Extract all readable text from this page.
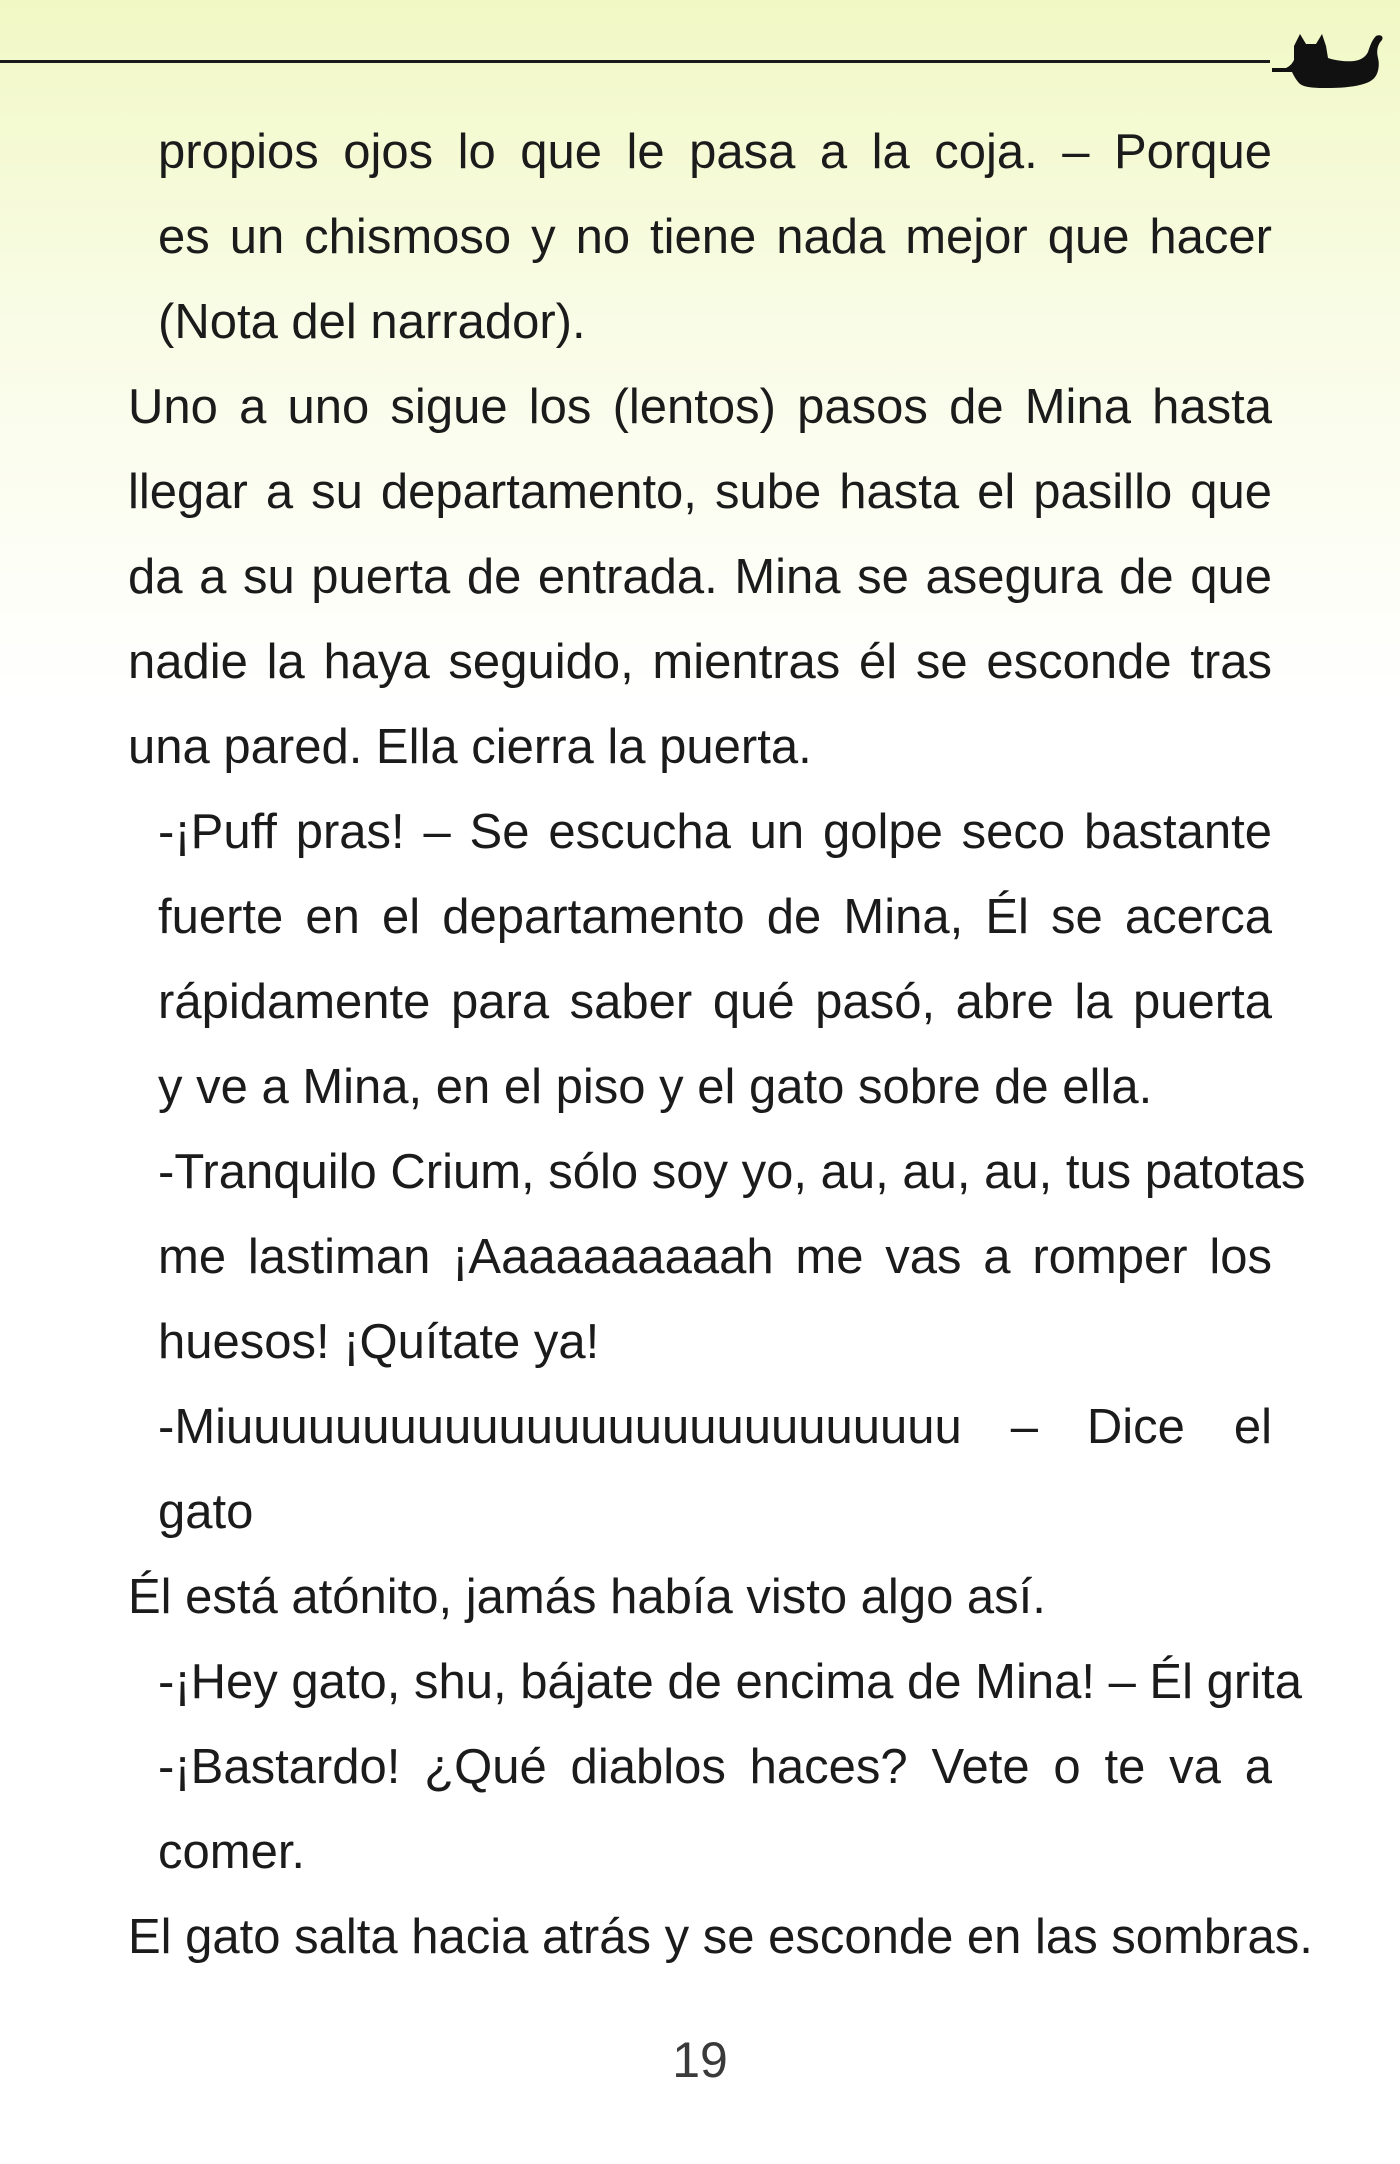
propios ojos lo que le pasa a la coja. – Porque
es un chismoso y no tiene nada mejor que hacer
(Nota del narrador).
Uno a uno sigue los (lentos) pasos de Mina hasta
llegar a su departamento, sube hasta el pasillo que
da a su puerta de entrada. Mina se asegura de que
nadie la haya seguido, mientras él se esconde tras
una pared. Ella cierra la puerta.
-¡Puff pras! – Se escucha un golpe seco bastante
fuerte en el departamento de Mina, Él se acerca
rápidamente para saber qué pasó, abre la puerta
y ve a Mina, en el piso y el gato sobre de ella.
-Tranquilo Crium, sólo soy yo, au, au, au, tus patotas
me lastiman ¡Aaaaaaaaaah me vas a romper los
huesos! ¡Quítate ya!
-Miuuuuuuuuuuuuuuuuuuuuuuuuuuu – Dice el
gato
Él está atónito, jamás había visto algo así.
-¡Hey gato, shu, bájate de encima de Mina! – Él grita
-¡Bastardo! ¿Qué diablos haces? Vete o te va a
comer.
El gato salta hacia atrás y se esconde en las sombras.
19
